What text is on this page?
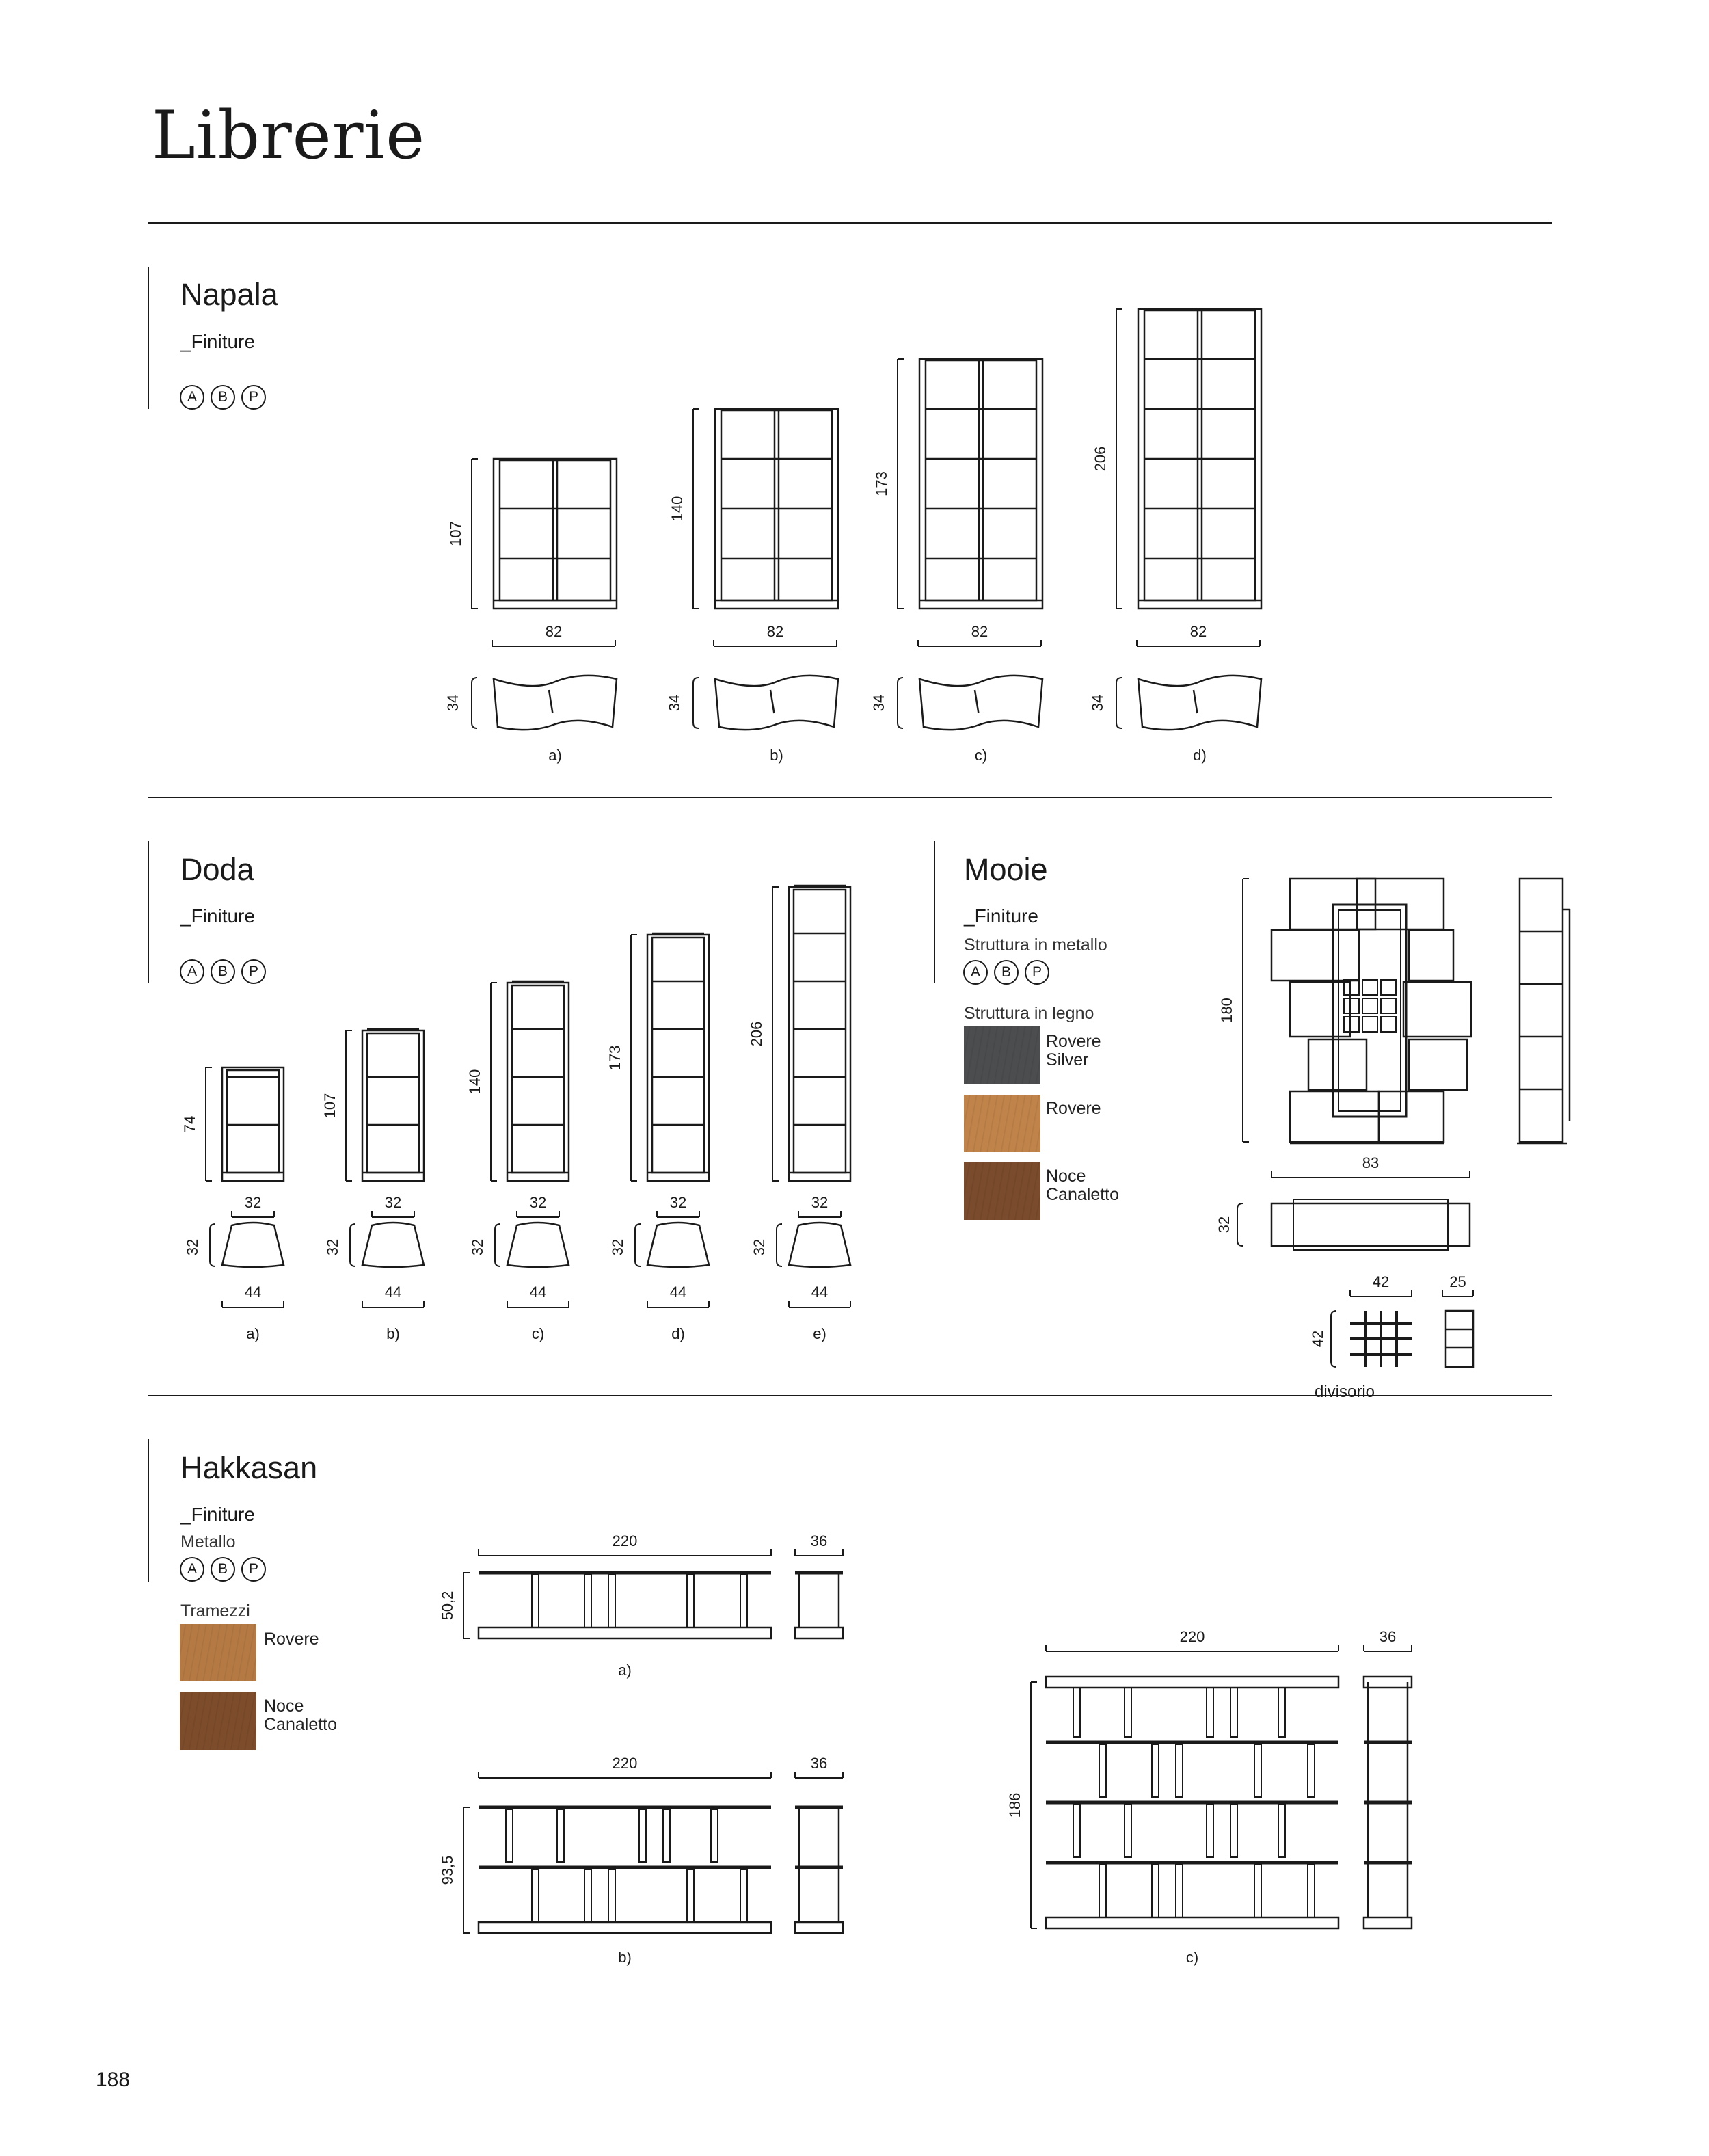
Librerie
Napala
_Finiture
A	B	P
Doda
_Finiture
A	B	P
Mooie
_Finiture
Struttura in metallo
A	B	P
Struttura in legno
Rovere
Silver
Rovere
Noce
Canaletto
Hakkasan
_Finiture
Metallo
A	B	P
Tramezzi
Rovere
Noce
Canaletto
188
107
82
34
a)
140
82
34
b)
173
82
34
c)
206
82
34
d)
74
32
32
44
a)
107
32
32
44
b)
140
32
32
44
c)
173
32
32
44
d)
206
32
32
44
e)
180
83
32
42	25
42
divisorio
220	36
50,2
a)
220	36
93,5
b)
220	36
186
c)
